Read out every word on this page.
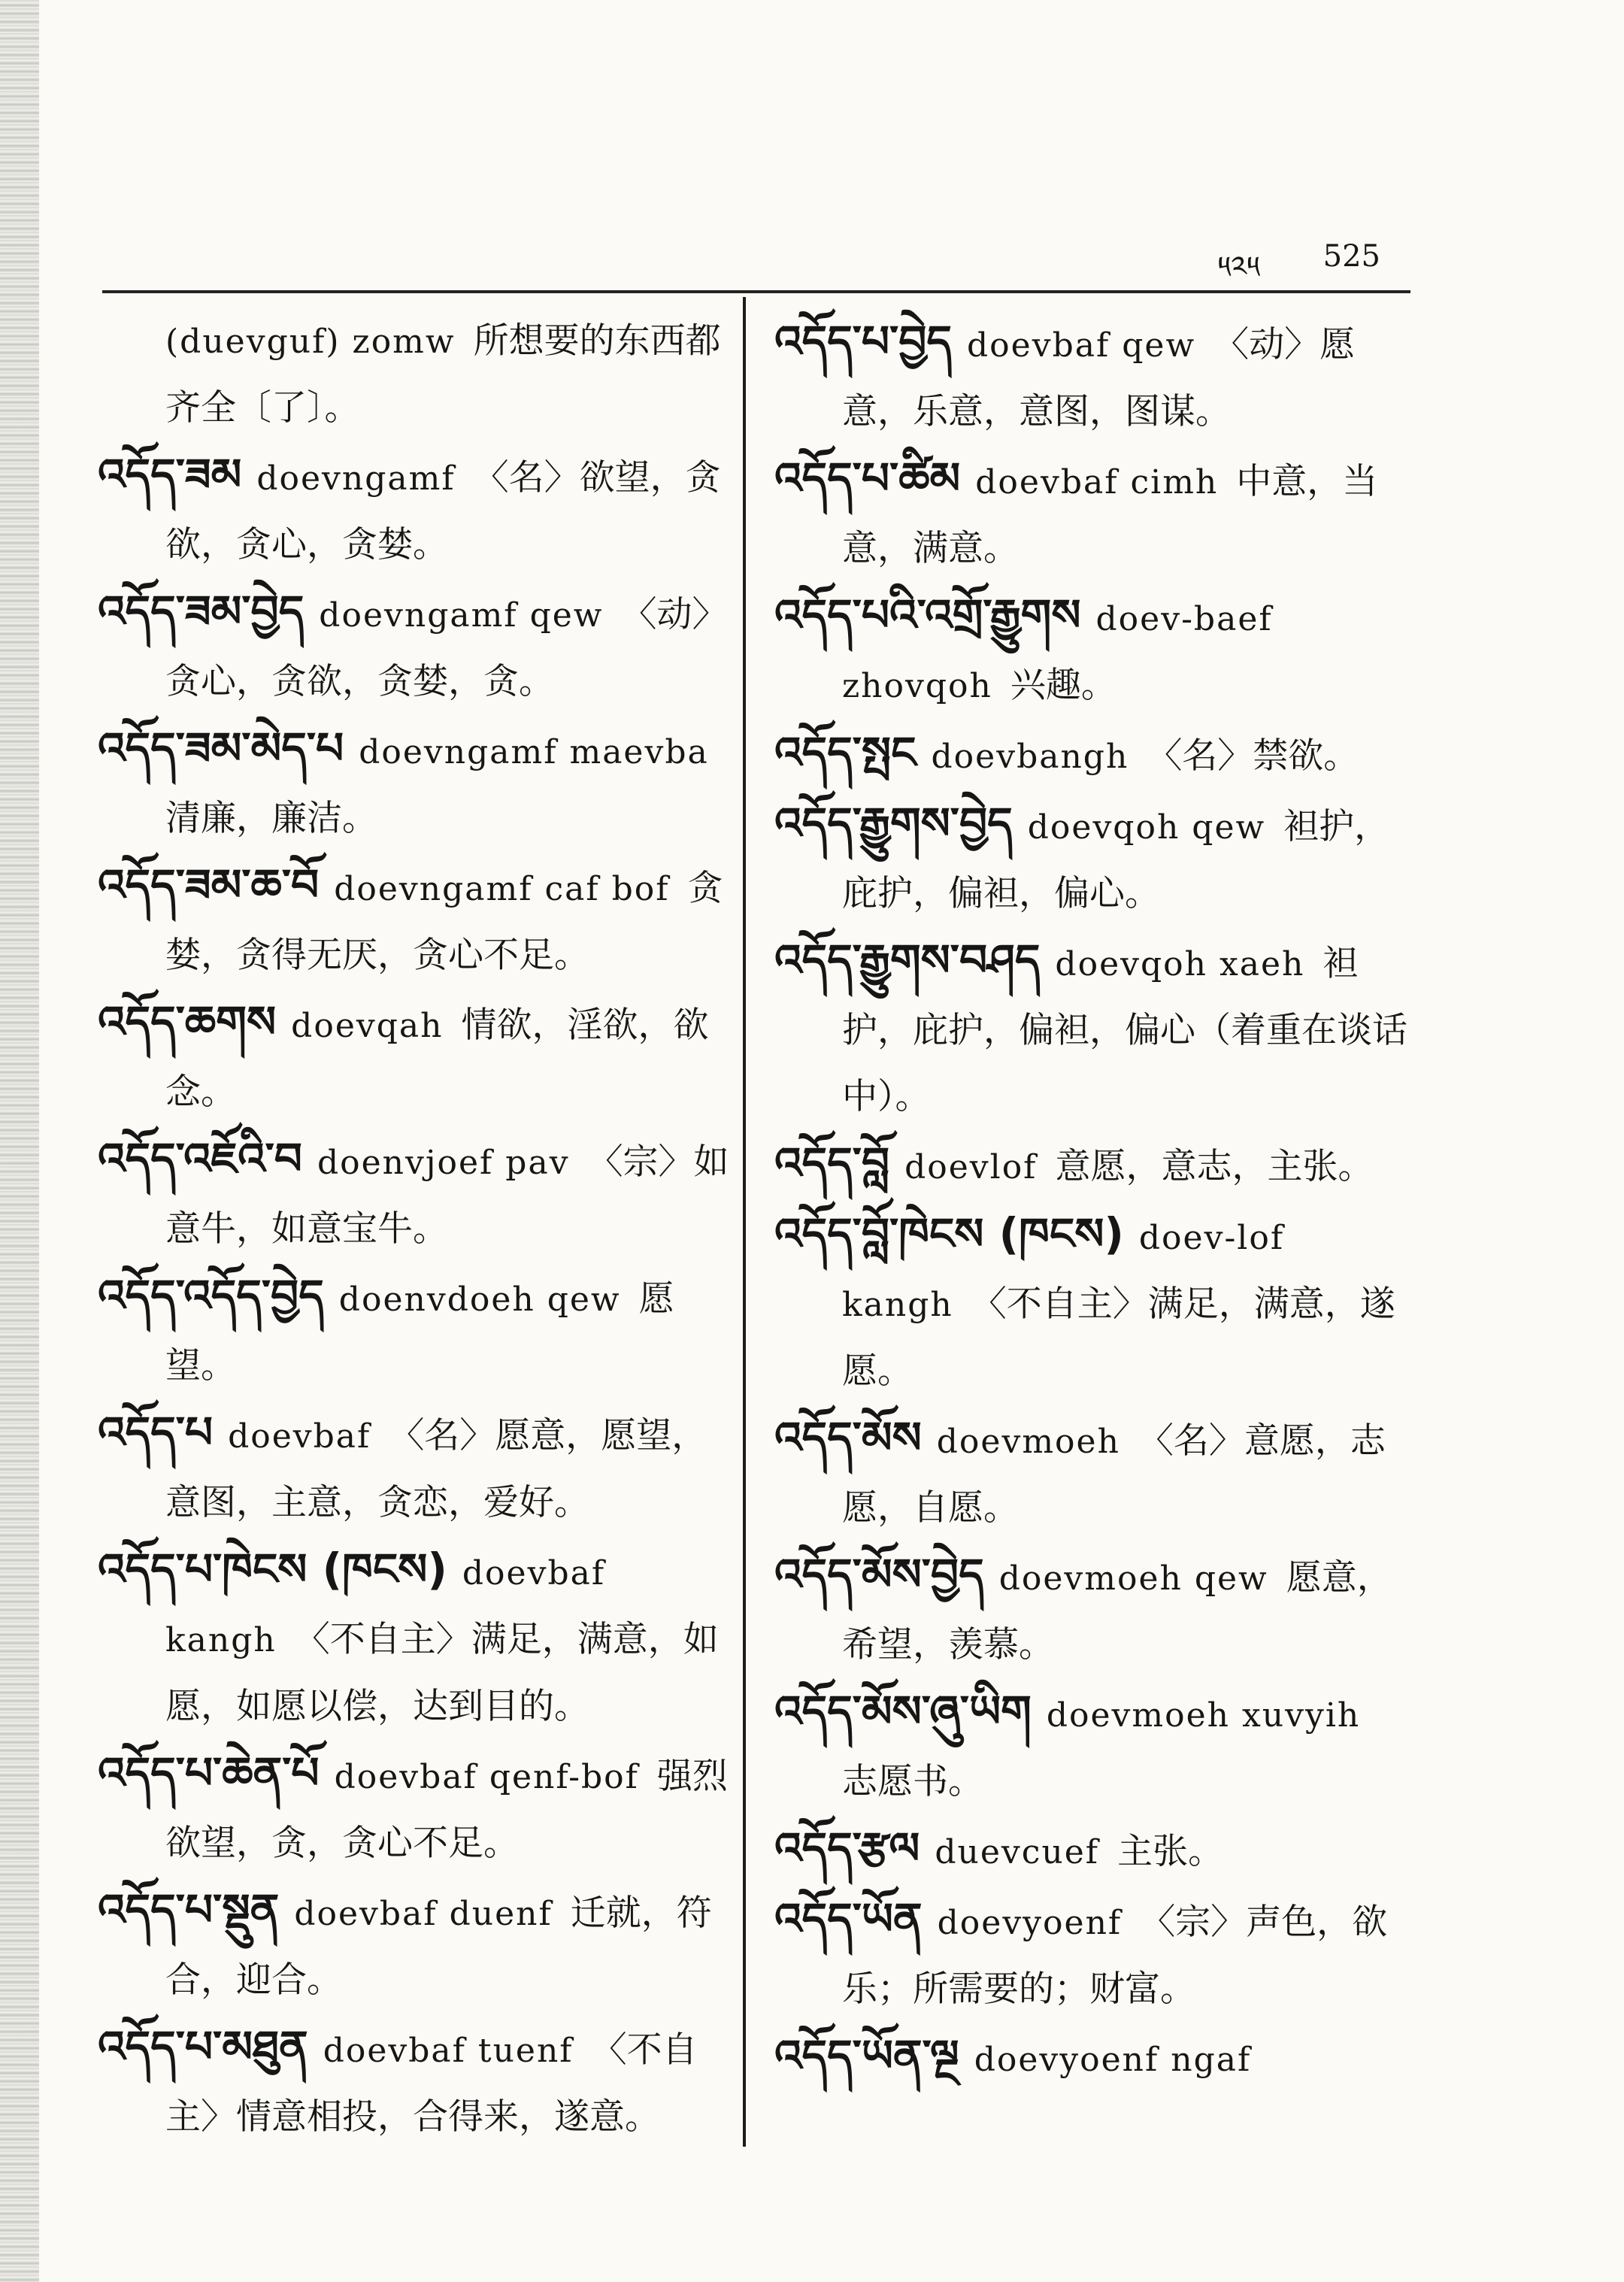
༥༢༥ 525
(duevguf) zomw 所想要的东西都齐全〔了〕。
འདོད་ཟམ doevngamf 〈名〉欲望，贪欲，贪心，贪婪。
འདོད་ཟམ་བྱེད doevngamf qew 〈动〉贪心，贪欲，贪婪，贪。
འདོད་ཟམ་མེད་པ doevngamf maevba清廉，廉洁。
འདོད་ཟམ་ཆ་བོ doevngamf caf bof 贪婪，贪得无厌，贪心不足。
འདོད་ཆགས doevqah 情欲，淫欲，欲念。
འདོད་འཇོའི་བ doenvjoef pav 〈宗〉如意牛，如意宝牛。
འདོད་འདོད་བྱེད doenvdoeh qew 愿望。
འདོད་པ doevbaf 〈名〉愿意，愿望，意图，主意，贪恋，爱好。
འདོད་པ་ཁེངས (ཁངས) doevbaf kangh 〈不自主〉满足，满意，如愿，如愿以偿，达到目的。
འདོད་པ་ཆེན་པོ doevbaf qenf-bof 强烈欲望，贪，贪心不足。
འདོད་པ་སྡུན doevbaf duenf 迁就，符合，迎合。
འདོད་པ་མཐུན doevbaf tuenf 〈不自主〉情意相投，合得来，遂意。
འདོད་པ་བྱེད doevbaf qew 〈动〉愿意，乐意，意图，图谋。
འདོད་པ་ཚིམ doevbaf cimh 中意，当意，满意。
འདོད་པའི་འགྲོ་རྒྱུགས doev-baef zhovqoh 兴趣。
འདོད་སྤང doevbangh 〈名〉禁欲。
འདོད་རྒྱུགས་བྱེད doevqoh qew 袒护，庇护，偏袒，偏心。
འདོད་རྒྱུགས་བཤད doevqoh xaeh 袒护，庇护，偏袒，偏心（着重在谈话中）。
འདོད་བློ doevlof 意愿，意志，主张。
འདོད་བློ་ཁེངས (ཁངས) doev-lof kangh 〈不自主〉满足，满意，遂愿。
འདོད་མོས doevmoeh 〈名〉意愿，志愿，自愿。
འདོད་མོས་བྱེད doevmoeh qew 愿意，希望，羡慕。
འདོད་མོས་ཞུ་ཡིག doevmoeh xuvyih志愿书。
འདོད་རྩལ duevcuef 主张。
འདོད་ཡོན doevyoenf 〈宗〉声色，欲乐；所需要的；财富。
འདོད་ཡོན་ལྔ doevyoenf ngaf
